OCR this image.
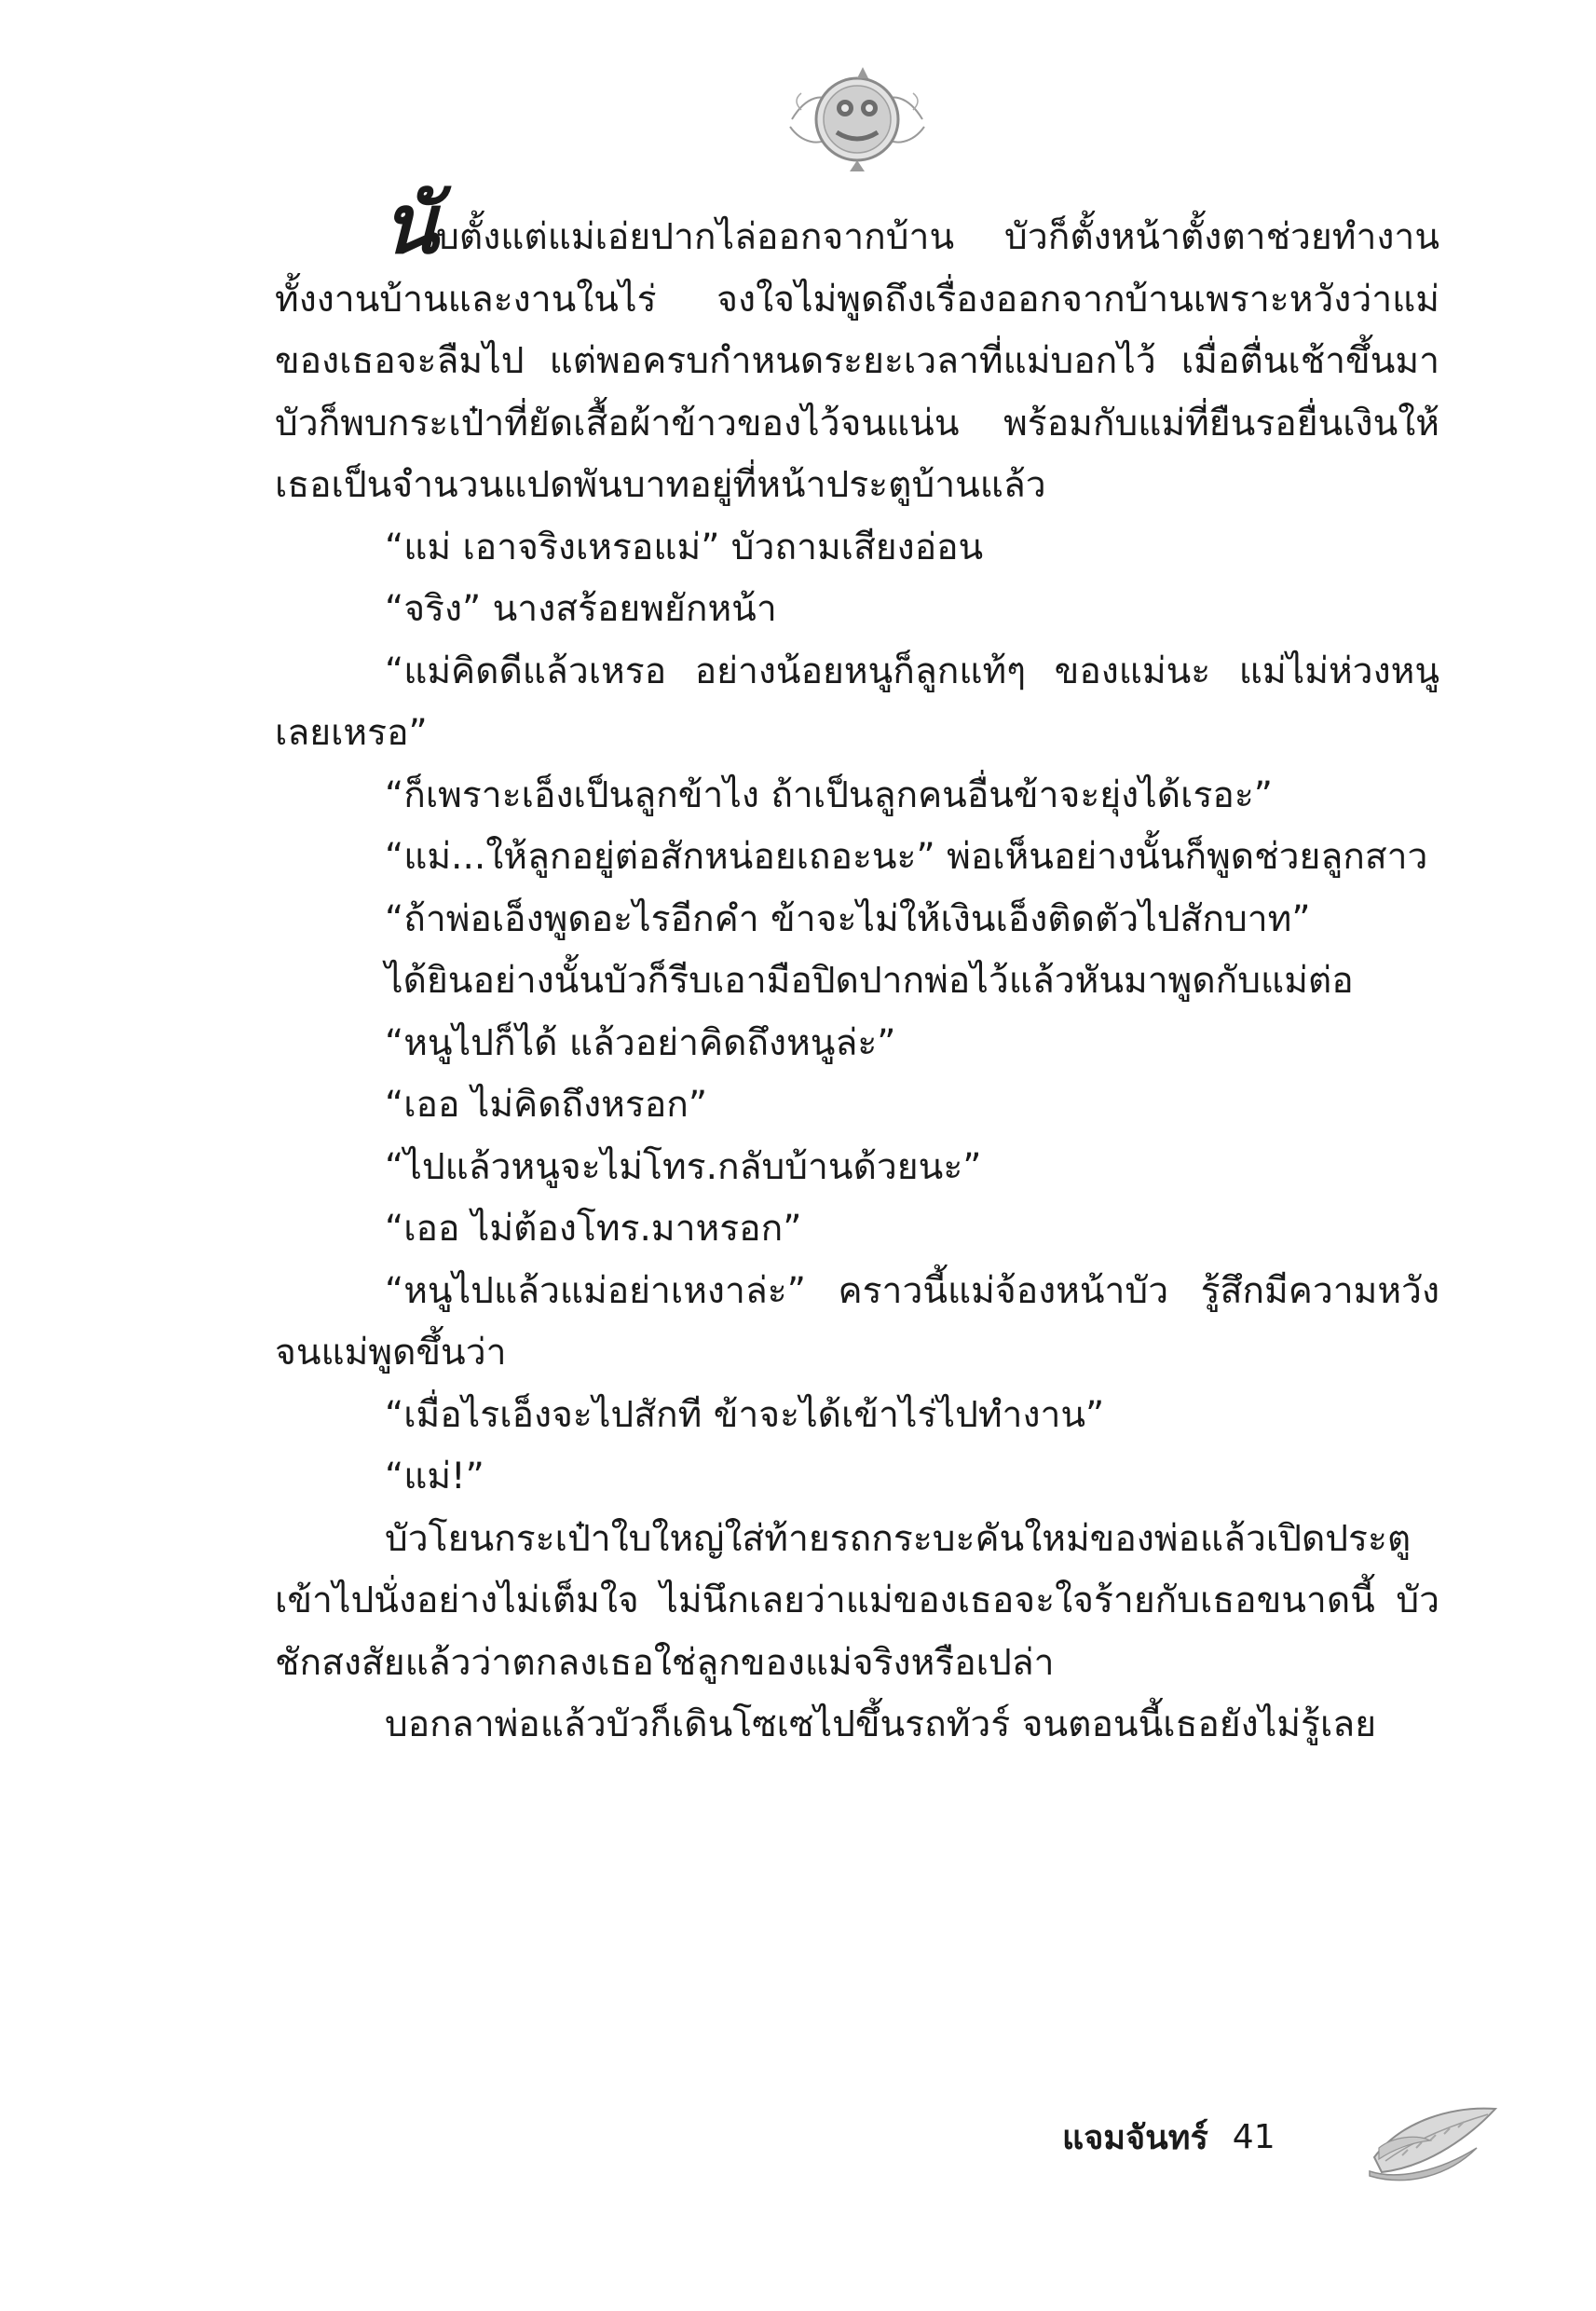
นับตั้งแต่แม่เอ่ยปากไล่ออกจากบ้าน บัวก็ตั้งหน้าตั้งตาช่วยทำงานทั้งงานบ้านและงานในไร่ จงใจไม่พูดถึงเรื่องออกจากบ้านเพราะหวังว่าแม่ของเธอจะลืมไป แต่พอครบกำหนดระยะเวลาที่แม่บอกไว้ เมื่อตื่นเช้าขึ้นมาบัวก็พบกระเป๋าที่ยัดเสื้อผ้าข้าวของไว้จนแน่น พร้อมกับแม่ที่ยืนรอยื่นเงินให้เธอเป็นจำนวนแปดพันบาทอยู่ที่หน้าประตูบ้านแล้ว

“แม่ เอาจริงเหรอแม่” บัวถามเสียงอ่อน

“จริง” นางสร้อยพยักหน้า

“แม่คิดดีแล้วเหรอ อย่างน้อยหนูก็ลูกแท้ๆ ของแม่นะ แม่ไม่ห่วงหนูเลยเหรอ”

“ก็เพราะเอ็งเป็นลูกข้าไง ถ้าเป็นลูกคนอื่นข้าจะยุ่งได้เรอะ”

“แม่...ให้ลูกอยู่ต่อสักหน่อยเถอะนะ” พ่อเห็นอย่างนั้นก็พูดช่วยลูกสาว

“ถ้าพ่อเอ็งพูดอะไรอีกคำ ข้าจะไม่ให้เงินเอ็งติดตัวไปสักบาท”

ได้ยินอย่างนั้นบัวก็รีบเอามือปิดปากพ่อไว้แล้วหันมาพูดกับแม่ต่อ

“หนูไปก็ได้ แล้วอย่าคิดถึงหนูล่ะ”

“เออ ไม่คิดถึงหรอก”

“ไปแล้วหนูจะไม่โทร.กลับบ้านด้วยนะ”

“เออ ไม่ต้องโทร.มาหรอก”

“หนูไปแล้วแม่อย่าเหงาล่ะ” คราวนี้แม่จ้องหน้าบัว รู้สึกมีความหวังจนแม่พูดขึ้นว่า

“เมื่อไรเอ็งจะไปสักที ข้าจะได้เข้าไร่ไปทำงาน”

“แม่!”

บัวโยนกระเป๋าใบใหญ่ใส่ท้ายรถกระบะคันใหม่ของพ่อแล้วเปิดประตูเข้าไปนั่งอย่างไม่เต็มใจ ไม่นึกเลยว่าแม่ของเธอจะใจร้ายกับเธอขนาดนี้ บัวชักสงสัยแล้วว่าตกลงเธอใช่ลูกของแม่จริงหรือเปล่า

บอกลาพ่อแล้วบัวก็เดินโซเซไปขึ้นรถทัวร์ จนตอนนี้เธอยังไม่รู้เลย

แจมจันทร์ 41
